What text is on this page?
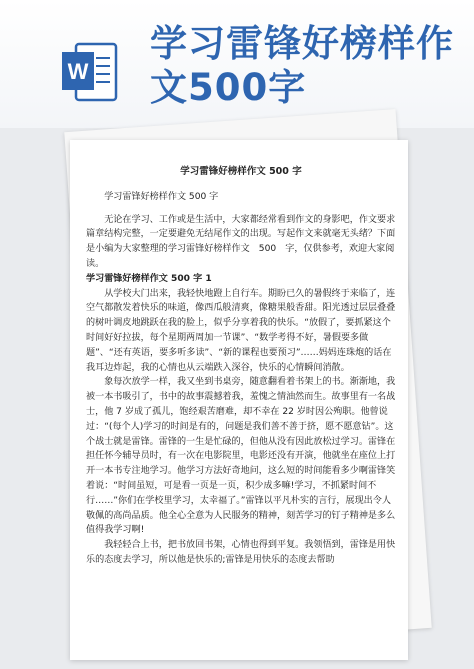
W
学习雷锋好榜样作
文500字
学习雷锋好榜样作文 500 字

学习雷锋好榜样作文 500 字

无论在学习、工作或是生活中，大家都经常看到作文的身影吧，作文要求篇章结构完整，一定要避免无结尾作文的出现。写起作文来就毫无头绪？下面是小编为大家整理的学习雷锋好榜样作文　500　字，仅供参考，欢迎大家阅读。

学习雷锋好榜样作文 500 字 1

从学校大门出来，我轻快地蹬上自行车。期盼已久的暑假终于来临了，连空气都散发着快乐的味道，像西瓜般清爽，像糖果般香甜。阳光透过层层叠叠的树叶调皮地跳跃在我的脸上，似乎分享着我的快乐。“放假了，要抓紧这个时间好好拉拔，每个星期两周加一节课”、“数学考得不好，暑假要多做题”、“还有英语，要多听多读”、“新的课程也要预习”……妈妈连珠炮的话在我耳边炸起，我的心情也从云端跌入深谷，快乐的心情瞬间消散。

象每次放学一样，我又坐到书桌旁，随意翻看着书架上的书。渐渐地，我被一本书吸引了，书中的故事震撼着我，羞愧之情油然而生。故事里有一名战士，他 7 岁成了孤儿，饱经艰苦磨难，却不幸在 22 岁时因公殉职。他曾说过：“(每个人)学习的时间是有的，问题是我们善不善于挤，愿不愿意钻”。这个战士就是雷锋。雷锋的一生是忙碌的，但他从没有因此放松过学习。雷锋在担任怀今辅导员时，有一次在电影院里，电影还没有开演，他就坐在座位上打开一本书专注地学习。他学习方法好奇地问，这么短的时间能看多少啊雷锋笑着说：“时间虽短，可是看一页是一页，积少成多嘛!学习，不抓紧时间不行……”你们在学校里学习，太幸福了。”雷锋以平凡朴实的言行，展现出令人敬佩的高尚品质。他全心全意为人民服务的精神，刻苦学习的钉子精神是多么值得我学习啊!

我轻轻合上书，把书放回书架，心情也得到平复。我领悟到，雷锋是用快乐的态度去学习，所以他是快乐的;雷锋是用快乐的态度去帮助
